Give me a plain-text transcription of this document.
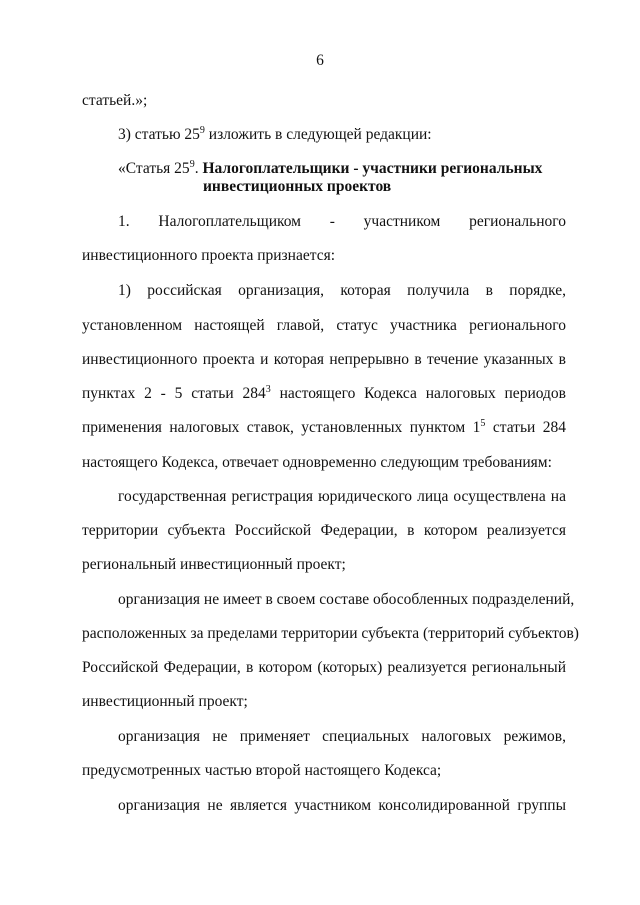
6
статьей.»;
3) статью $25^9$ изложить в следующей редакции:
«Статья $25^9$. Налогоплательщики - участники региональных
инвестиционных проектов
1. Налогоплательщиком - участником регионального
инвестиционного проекта признается:
1) российская организация, которая получила в порядке,
установленном настоящей главой, статус участника регионального
инвестиционного проекта и которая непрерывно в течение указанных в
пунктах 2 - 5 статьи $284^3$ настоящего Кодекса налоговых периодов
применения налоговых ставок, установленных пунктом $1^5$ статьи 284
настоящего Кодекса, отвечает одновременно следующим требованиям:
государственная регистрация юридического лица осуществлена на
территории субъекта Российской Федерации, в котором реализуется
региональный инвестиционный проект;
организация не имеет в своем составе обособленных подразделений,
расположенных за пределами территории субъекта (территорий субъектов)
Российской Федерации, в котором (которых) реализуется региональный
инвестиционный проект;
организация не применяет специальных налоговых режимов,
предусмотренных частью второй настоящего Кодекса;
организация не является участником консолидированной группы
